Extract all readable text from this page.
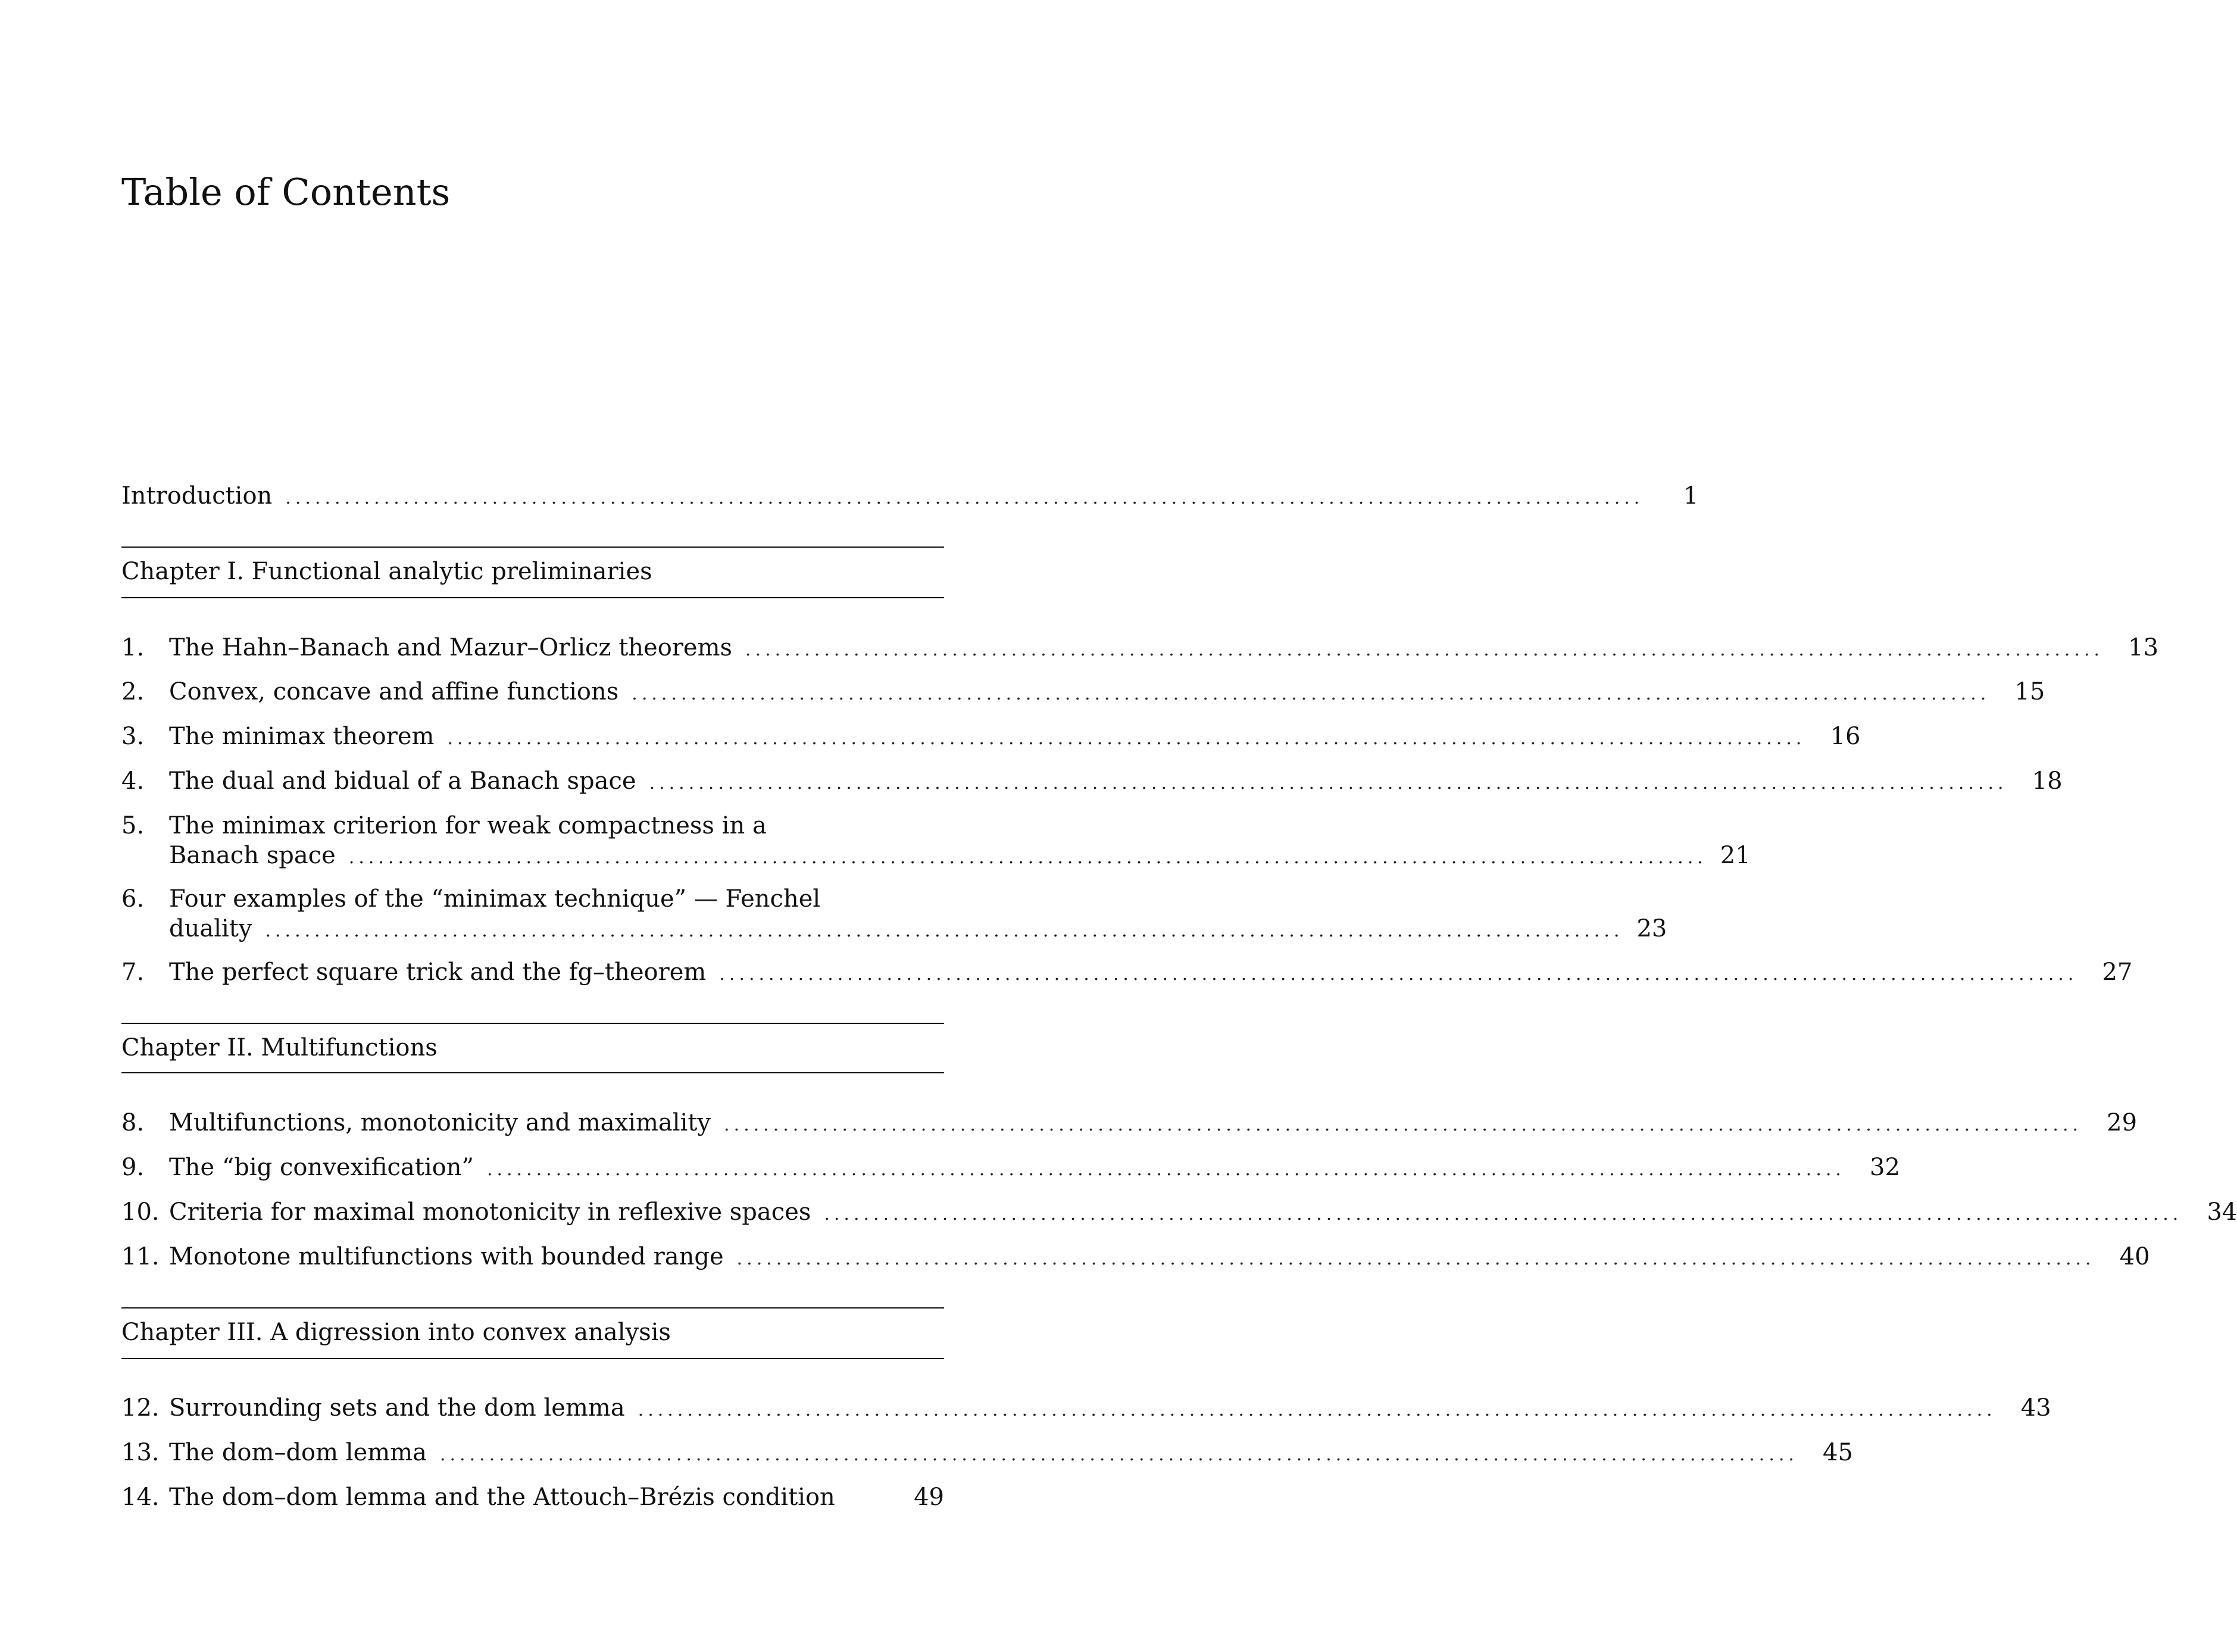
Table of Contents
Introduction ..........................................................................................................................................	1
Chapter I. Functional analytic preliminaries
1.	The Hahn–Banach and Mazur–Orlicz theorems ..........................................................................................................................................	13
2.	Convex, concave and affine functions ..........................................................................................................................................	15
3.	The minimax theorem ..........................................................................................................................................	16
4.	The dual and bidual of a Banach space ..........................................................................................................................................	18
5. The minimax criterion for weak compactness in a
Banach space .......................................................................................................................................... 21
6. Four examples of the “minimax technique” — Fenchel
duality .......................................................................................................................................... 23
7.	The perfect square trick and the fg–theorem ..........................................................................................................................................	27
Chapter II. Multifunctions
8.	Multifunctions, monotonicity and maximality ..........................................................................................................................................	29
9.	The “big convexification” ..........................................................................................................................................	32
10. Criteria for maximal monotonicity in reflexive spaces ..........................................................................................................................................	34
11. Monotone multifunctions with bounded range ..........................................................................................................................................	40
Chapter III. A digression into convex analysis
12. Surrounding sets and the dom lemma ..........................................................................................................................................	43
13. The dom–dom lemma ..........................................................................................................................................	45
14. The dom–dom lemma and the Attouch–Brézis condition	49
